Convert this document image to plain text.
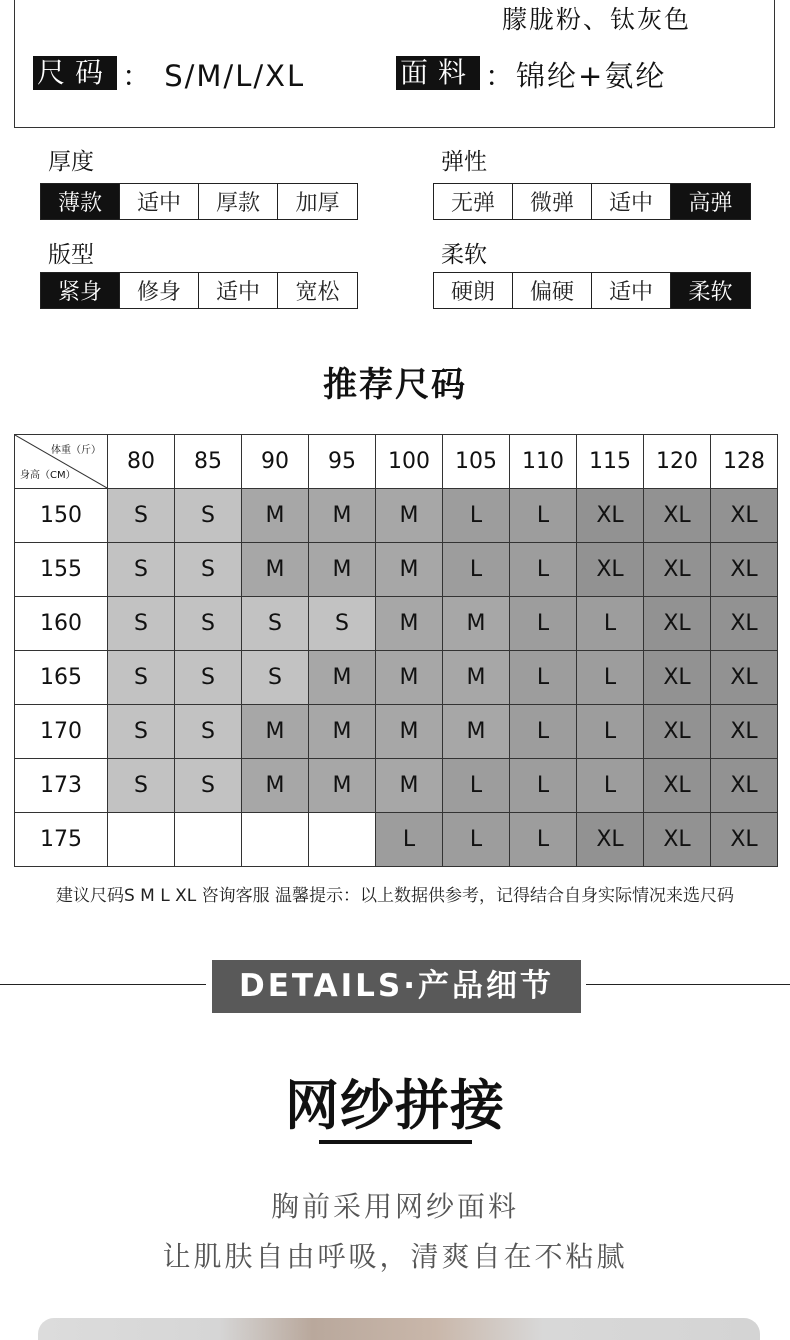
朦胧粉、钛灰色
尺码 ： S/M/L/XL	面料 ：锦纶+氨纶
厚度
薄款	适中	厚款	加厚
弹性
无弹	微弹	适中	高弹
版型
紧身	修身	适中	宽松
柔软
硬朗	偏硬	适中	柔软
推荐尺码
体重（斤）
身高（CM）	80	85	90	95	100	105	110	115	120	128
150	S	S	M	M	M	L	L	XL	XL	XL
155	S	S	M	M	M	L	L	XL	XL	XL
160	S	S	S	S	M	M	L	L	XL	XL
165	S	S	S	M	M	M	L	L	XL	XL
170	S	S	M	M	M	M	L	L	XL	XL
173	S	S	M	M	M	L	L	L	XL	XL
175					L	L	L	XL	XL	XL
建议尺码S M L XL 咨询客服 温馨提示：以上数据供参考，记得结合自身实际情况来选尺码
DETAILS·产品细节
网纱拼接
胸前采用网纱面料
让肌肤自由呼吸，清爽自在不粘腻
